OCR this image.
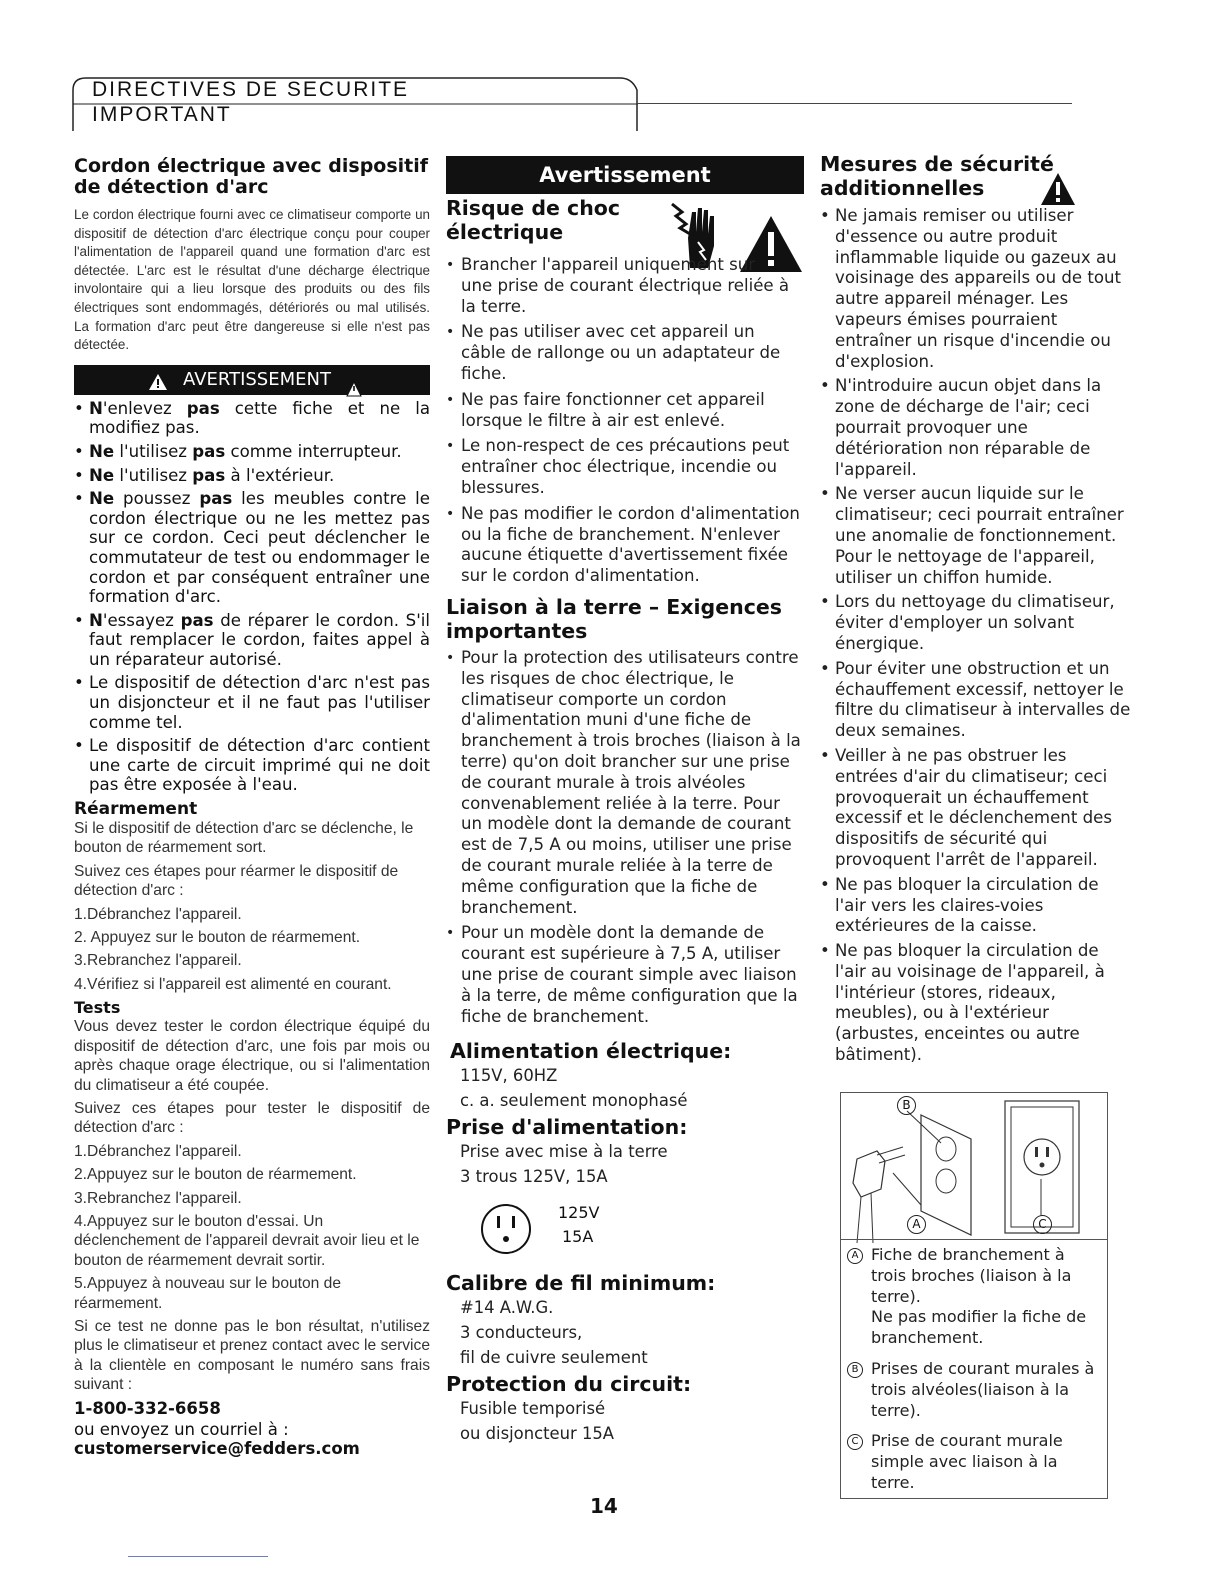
DIRECTIVES DE SECURITE
IMPORTANT

Cordon électrique avec dispositif de détection d'arc

Le cordon électrique fourni avec ce climatiseur comporte un dispositif de détection d'arc électrique conçu pour couper l'alimentation de l'appareil quand une formation d'arc est détectée. L'arc est le résultat d'une décharge électrique involontaire qui a lieu lorsque des produits ou des fils électriques sont endommagés, détériorés ou mal utilisés. La formation d'arc peut être dangereuse si elle n'est pas détectée.

AVERTISSEMENT
• N'enlevez pas cette fiche et ne la modifiez pas.
• Ne l'utilisez pas comme interrupteur.
• Ne l'utilisez pas à l'extérieur.
• Ne poussez pas les meubles contre le cordon électrique ou ne les mettez pas sur ce cordon. Ceci peut déclencher le commutateur de test ou endommager le cordon et par conséquent entraîner une formation d'arc.
• N'essayez pas de réparer le cordon. S'il faut remplacer le cordon, faites appel à un réparateur autorisé.
• Le dispositif de détection d'arc n'est pas un disjoncteur et il ne faut pas l'utiliser comme tel.
• Le dispositif de détection d'arc contient une carte de circuit imprimé qui ne doit pas être exposée à l'eau.
Réarmement

Si le dispositif de détection d'arc se déclenche, le bouton de réarmement sort.

Suivez ces étapes pour réarmer le dispositif de détection d'arc :

1.Débranchez l'appareil.

2. Appuyez sur le bouton de réarmement.

3.Rebranchez l'appareil.

4.Vérifiez si l'appareil est alimenté en courant.

Tests

Vous devez tester le cordon électrique équipé du dispositif de détection d'arc, une fois par mois ou après chaque orage électrique, ou si l'alimentation du climatiseur a été coupée.

Suivez ces étapes pour tester le dispositif de détection d'arc :

1.Débranchez l'appareil.

2.Appuyez sur le bouton de réarmement.

3.Rebranchez l'appareil.

4.Appuyez sur le bouton d'essai. Un déclenchement de l'appareil devrait avoir lieu et le bouton de réarmement devrait sortir.

5.Appuyez à nouveau sur le bouton de réarmement.

Si ce test ne donne pas le bon résultat, n'utilisez plus le climatiseur et prenez contact avec le service à la clientèle en composant le numéro sans frais suivant :

1-800-332-6658
ou envoyez un courriel à :
customerservice@fedders.com
Avertissement

Risque de choc électrique

• Brancher l'appareil uniquement sur une prise de courant électrique reliée à la terre.
• Ne pas utiliser avec cet appareil un câble de rallonge ou un adaptateur de fiche.
• Ne pas faire fonctionner cet appareil lorsque le filtre à air est enlevé.
• Le non-respect de ces précautions peut entraîner choc électrique, incendie ou blessures.
• Ne pas modifier le cordon d'alimentation ou la fiche de branchement. N'enlever aucune étiquette d'avertissement fixée sur le cordon d'alimentation.

Liaison à la terre – Exigences importantes

• Pour la protection des utilisateurs contre les risques de choc électrique, le climatiseur comporte un cordon d'alimentation muni d'une fiche de branchement à trois broches (liaison à la terre) qu'on doit brancher sur une prise de courant murale à trois alvéoles convenablement reliée à la terre. Pour un modèle dont la demande de courant est de 7,5 A ou moins, utiliser une prise de courant murale reliée à la terre de même configuration que la fiche de branchement.
• Pour un modèle dont la demande de courant est supérieure à 7,5 A, utiliser une prise de courant simple avec liaison à la terre, de même configuration que la fiche de branchement.

Alimentation électrique:

115V, 60HZ
c. a. seulement monophasé

Prise d'alimentation:

Prise avec mise à la terre
3 trous 125V, 15A
125V
15A

Calibre de fil minimum:

#14 A.W.G.
3 conducteurs,
fil de cuivre seulement

Protection du circuit:

Fusible temporisé
ou disjoncteur 15A

Mesures de sécurité additionnelles

• Ne jamais remiser ou utiliser d'essence ou autre produit inflammable liquide ou gazeux au voisinage des appareils ou de tout autre appareil ménager. Les vapeurs émises pourraient entraîner un risque d'incendie ou d'explosion.
• N'introduire aucun objet dans la zone de décharge de l'air; ceci pourrait provoquer une détérioration non réparable de l'appareil.
• Ne verser aucun liquide sur le climatiseur; ceci pourrait entraîner une anomalie de fonctionnement. Pour le nettoyage de l'appareil, utiliser un chiffon humide.
• Lors du nettoyage du climatiseur, éviter d'employer un solvant énergique.
• Pour éviter une obstruction et un échauffement excessif, nettoyer le filtre du climatiseur à intervalles de deux semaines.
• Veiller à ne pas obstruer les entrées d'air du climatiseur; ceci provoquerait un échauffement excessif et le déclenchement des dispositifs de sécurité qui provoquent l'arrêt de l'appareil.
• Ne pas bloquer la circulation de l'air vers les claires-voies extérieures de la caisse.
• Ne pas bloquer la circulation de l'air au voisinage de l'appareil, à l'intérieur (stores, rideaux, meubles), ou à l'extérieur (arbustes, enceintes ou autre bâtiment).
B
A	C
A Fiche de branchement à trois broches (liaison à la terre).
Ne pas modifier la fiche de branchement.
B Prises de courant murales à trois alvéoles(liaison à la terre).
C Prise de courant murale simple avec liaison à la terre.
14
